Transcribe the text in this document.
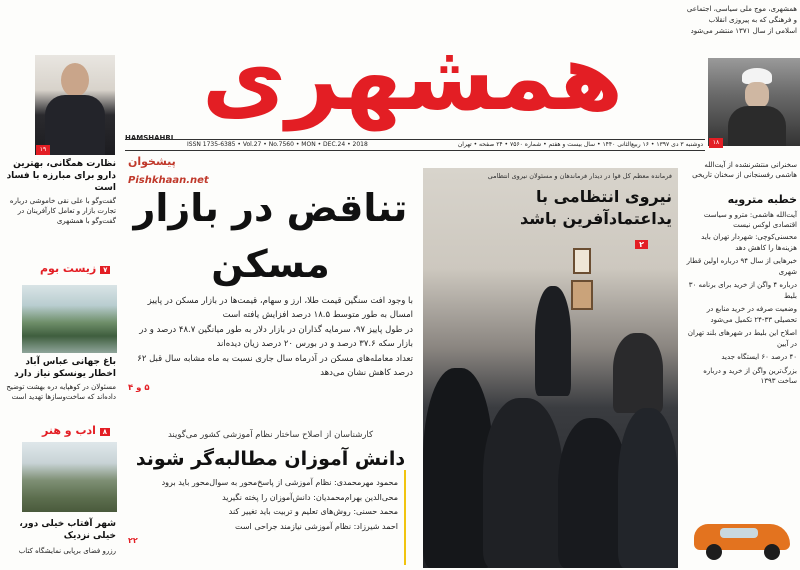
۱۹
نظارت همگانی، بهترین دارو برای مبارزه با فساد است
گفت‌وگو با علی نقی خاموشی درباره تجارت بازار و تعامل کارآفرینان در گفت‌وگو با همشهری
۷ زیست بوم
باغ جهانی عباس آباد اخطار یونسکو نیاز دارد
مسئولان در کوهپایه دره بهشت توضیح داده‌اند که ساخت‌وسازها تهدید است
۸ ادب و هنر
شهر آفتاب خیلی دور، خیلی نزدیک
رزرو فضای برپایی نمایشگاه کتاب
همشهری
HAMSHAHRI
ISSN 1735-6385 • Vol.27 • No.7560 • MON • DEC.24 • 2018	دوشنبه ۳ دی ۱۳۹۷ • ۱۶ ربیع‌الثانی ۱۴۴۰ • سال بیست و هفتم • شماره ۷۵۶۰ • ۲۴ صفحه • تهران
پیشخوان
Pishkhaan.net
تناقض در بازار مسکن

با وجود افت سنگین قیمت طلا، ارز و سهام، قیمت‌ها در بازار مسکن در پاییز امسال به طور متوسط ۱۸.۵ درصد افزایش یافته است

در طول پاییز ۹۷، سرمایه گذاران در بازار دلار به طور میانگین ۴۸.۷ درصد و در بازار سکه ۳۷.۶ درصد و در بورس ۲۰ درصد زیان دیده‌اند

تعداد معامله‌های مسکن در آذرماه سال جاری نسبت به ماه مشابه سال قبل ۶۲ درصد کاهش نشان می‌دهد

۵ و ۴

کارشناسان از اصلاح ساختار نظام آموزشی کشور می‌گویند
دانش آموزان مطالبه‌گر شوند

محمود مهرمحمدی: نظام آموزشی از پاسخ‌محور به سوال‌محور باید برود

محی‌الدین بهرام‌محمدیان: دانش‌آموزان را پخته نگیرید

محمد حسنی: روش‌های تعلیم و تربیت باید تغییر کند

احمد شیرزاد: نظام آموزشی نیازمند جراحی است

۲۲

فرمانده معظم کل قوا در دیدار فرماندهان و مسئولان نیروی انتظامی
نیروی انتظامی با یداعتمادآفرین باشد
۲
همشهری، موج ملی سیاسی، اجتماعی و فرهنگی که به پیروزی انقلاب اسلامی از سال ۱۳۷۱ منتشر می‌شود
۱۸
سخنرانی منتشرنشده از آیت‌الله هاشمی رفسنجانی از سخنان تاریخی
خطبه مترویه
آیت‌الله هاشمی: مترو و سیاست اقتصادی لوکس نیست

محسنی‌کوچی: شهردار تهران باید هزینه‌ها را کاهش دهد

خبرهایی از سال ۹۴ درباره اولین قطار شهری

درباره ۴ واگن از خرید برای برنامه ۳۰ بلیط

وضعیت صرفه در خرید منابع در تحصیلی ۳۳-۲۴ تکمیل می‌شود

اصلاح این بلیط در شهرهای بلند تهران در آیین

۴۰ درصد ۶۰ ایستگاه جدید

بزرگ‌ترین واگن از خرید و درباره ساخت ۱۳۹۳
